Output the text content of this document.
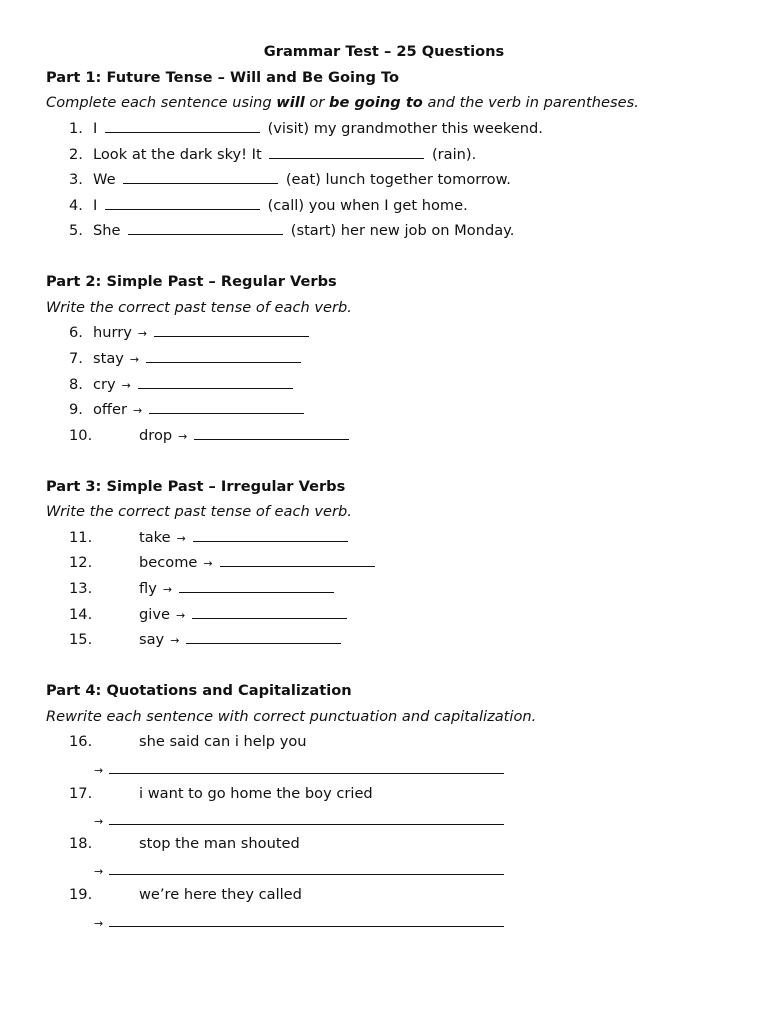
Grammar Test – 25 Questions
Part 1: Future Tense – Will and Be Going To
Complete each sentence using will or be going to and the verb in parentheses.
1. I	(visit) my grandmother this weekend.
2. Look at the dark sky! It	(rain).
3. We	(eat) lunch together tomorrow.
4. I	(call) you when I get home.
5. She	(start) her new job on Monday.
Part 2: Simple Past – Regular Verbs
Write the correct past tense of each verb.
6. hurry →
7. stay →
8. cry →
9. offer →
10.	drop →
Part 3: Simple Past – Irregular Verbs
Write the correct past tense of each verb.
11.	take →
12.	become →
13.	fly →
14.	give →
15.	say →
Part 4: Quotations and Capitalization
Rewrite each sentence with correct punctuation and capitalization.
16.	she said can i help you
→
17.	i want to go home the boy cried
→
18.	stop the man shouted
→
19.	we’re here they called
→
